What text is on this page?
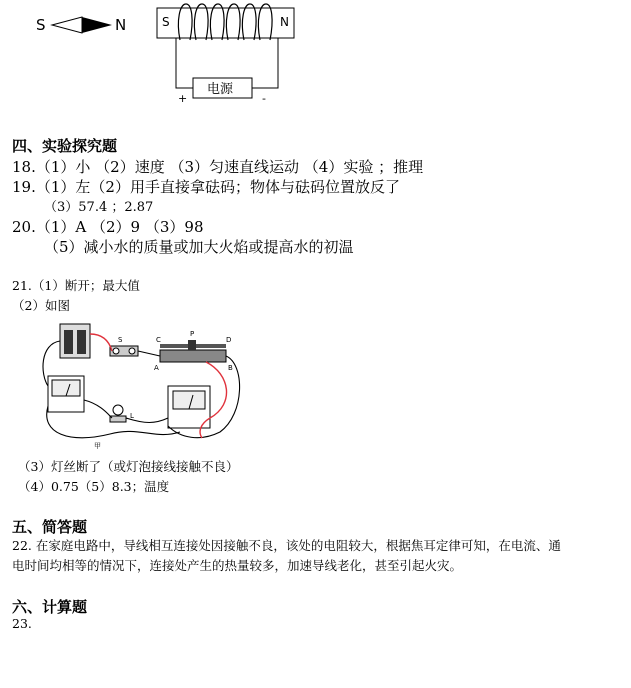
S	N	S	N
电源
+	-
四、实验探究题
18.（1）小 （2）速度 （3）匀速直线运动 （4）实验 ；推理
19.（1）左（2）用手直接拿砝码；物体与砝码位置放反了
（3）57.4 ；2.87
20.（1）A （2）9 （3）98
（5）减小水的质量或加大火焰或提高水的初温
21.（1）断开；最大值
（2）如图
S	C	D
P
A	B
L
甲
（3）灯丝断了（或灯泡接线接触不良）
（4）0.75（5）8.3；温度
五、简答题
22. 在家庭电路中，导线相互连接处因接触不良，该处的电阻较大，根据焦耳定律可知，在电流、通
电时间均相等的情况下，连接处产生的热量较多，加速导线老化，甚至引起火灾。
六、计算题
23.
